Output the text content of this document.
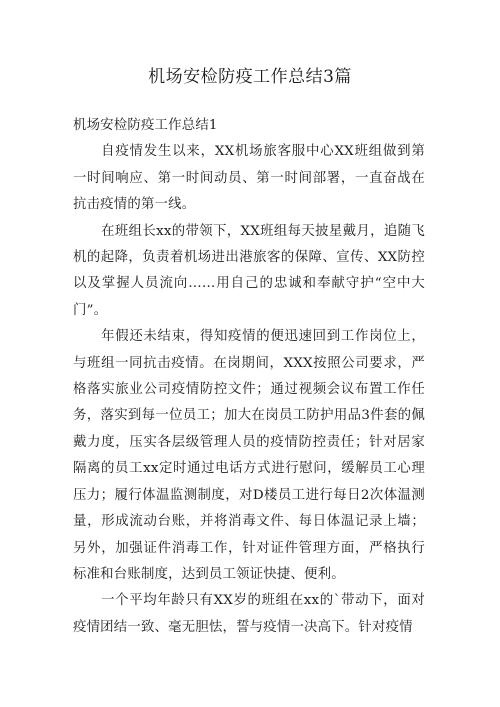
机场安检防疫工作总结3篇

机场安检防疫工作总结1

自疫情发生以来，XX机场旅客服中心XX班组做到第一时间响应、第一时间动员、第一时间部署，一直奋战在抗击疫情的第一线。

在班组长xx的带领下，XX班组每天披星戴月，追随飞机的起降，负责着机场进出港旅客的保障、宣传、XX防控以及掌握人员流向……用自己的忠诚和奉献守护“空中大门”。

年假还未结束，得知疫情的便迅速回到工作岗位上，与班组一同抗击疫情。在岗期间，XXX按照公司要求，严格落实旅业公司疫情防控文件；通过视频会议布置工作任务，落实到每一位员工；加大在岗员工防护用品3件套的佩戴力度，压实各层级管理人员的疫情防控责任；针对居家隔离的员工xx定时通过电话方式进行慰问，缓解员工心理压力；履行体温监测制度，对D楼员工进行每日2次体温测量，形成流动台账，并将消毒文件、每日体温记录上墙；另外，加强证件消毒工作，针对证件管理方面，严格执行标准和台账制度，达到员工领证快捷、便利。

一个平均年龄只有XX岁的班组在xx的`带动下，面对疫情团结一致、毫无胆怯，誓与疫情一决高下。针对疫情
